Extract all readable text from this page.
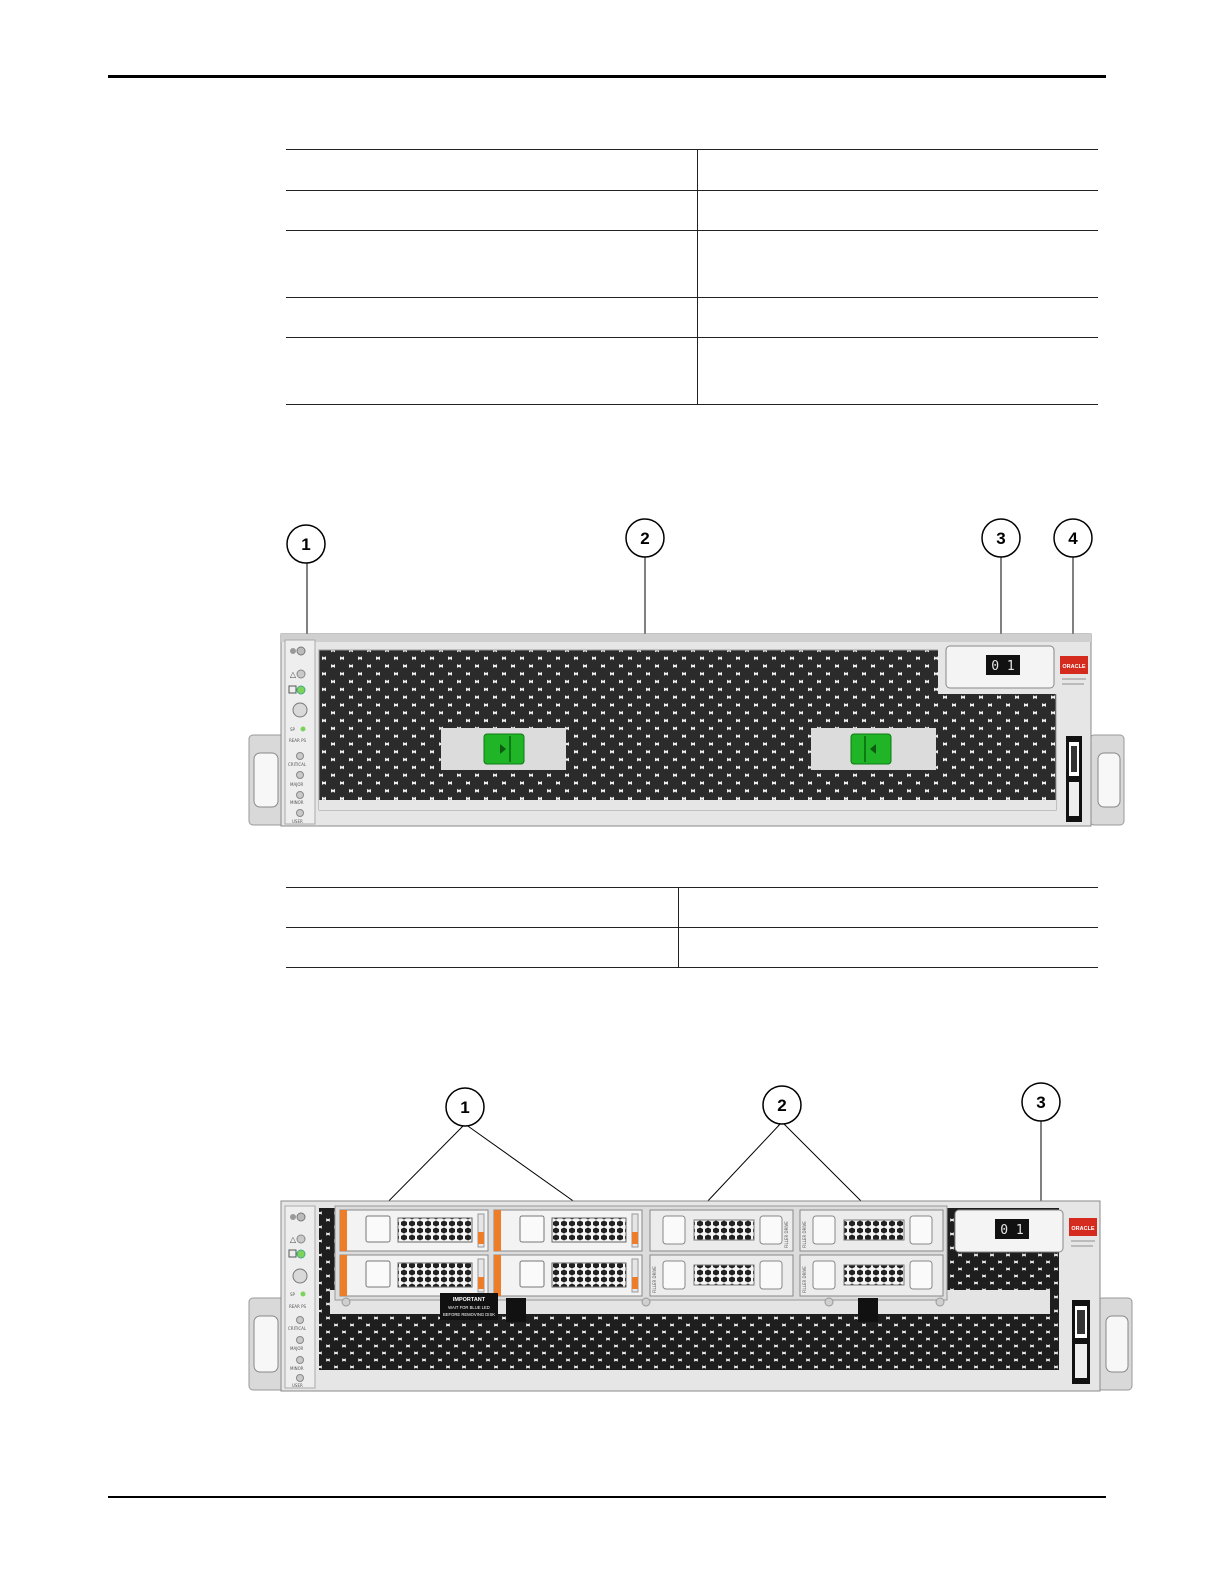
1	2	3	4
△
SP
REAR PS
CRITICAL
MAJOR
MINOR
USER
0 1	ORACLE

1	2	3
△
SP
REAR PS
CRITICAL
MAJOR
MINOR
USER
FILLER DRIVE	FILLER DRIVE
FILLER DRIVE	FILLER DRIVE
IMPORTANT
WAIT FOR BLUE LED
BEFORE REMOVING DISK
0 1	ORACLE
